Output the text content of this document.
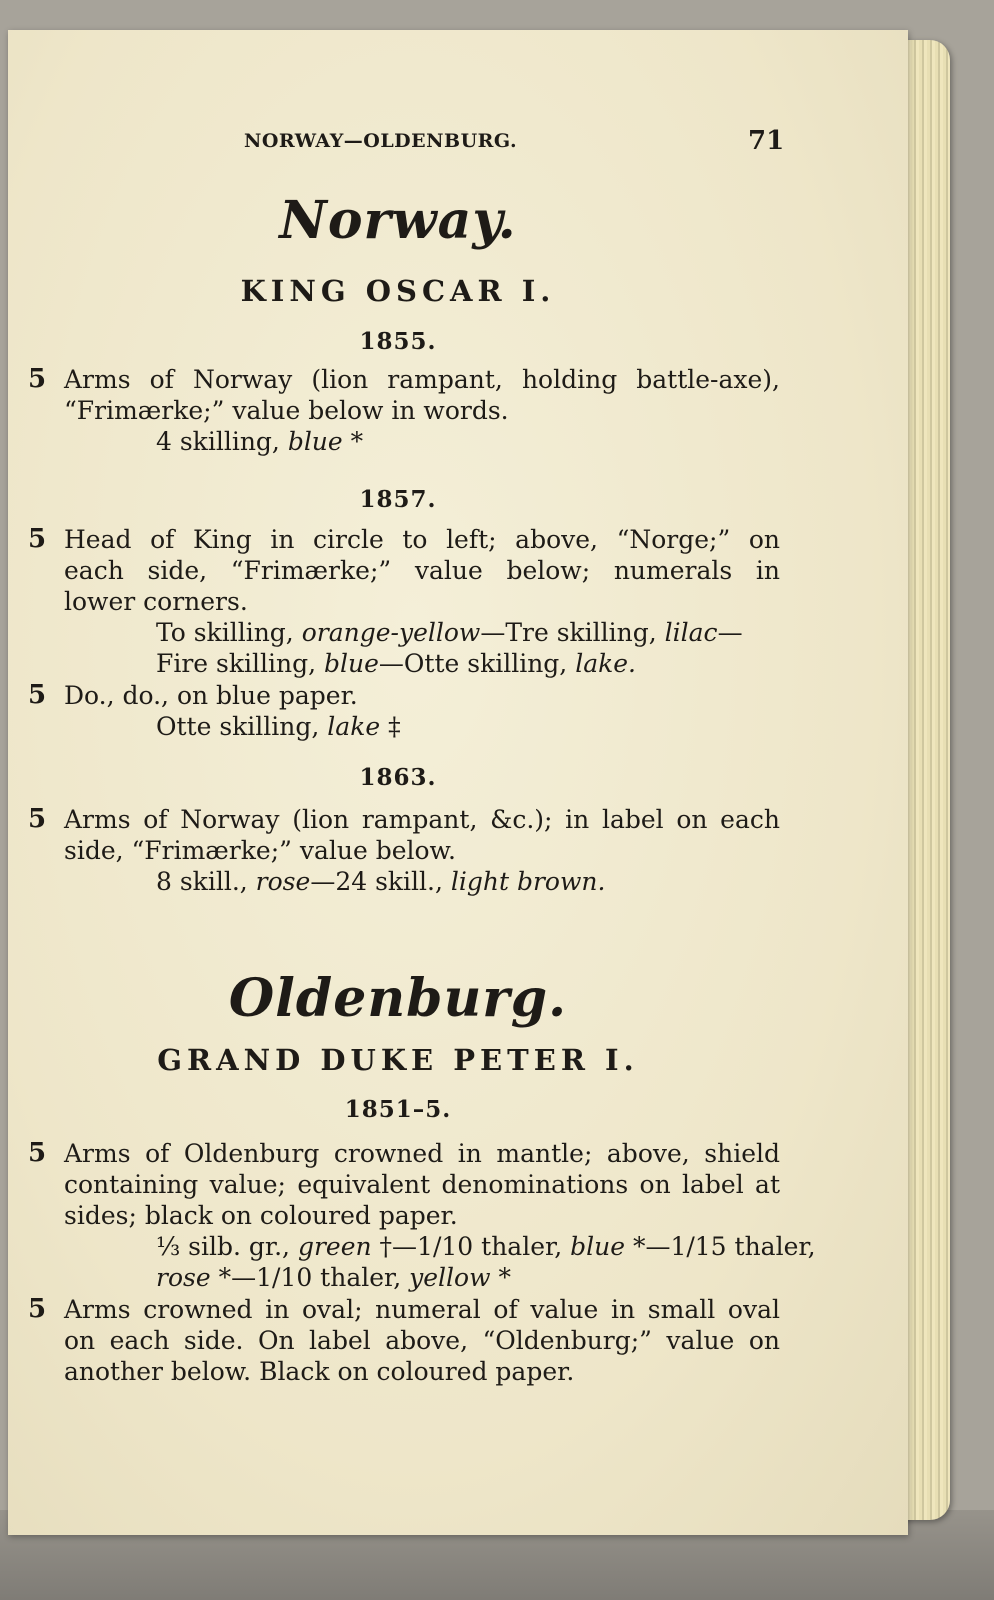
NORWAY—OLDENBURG.	71
Norway.
KING OSCAR I.
1855.
5 Arms of Norway (lion rampant, holding battle-axe),
“Frimærke;” value below in words.
4 skilling, blue *
1857.
5 Head of King in circle to left; above, “Norge;” on
each side, “Frimærke;” value below; numerals in
lower corners.
To skilling, orange-yellow—Tre skilling, lilac—
Fire skilling, blue—Otte skilling, lake.
5 Do., do., on blue paper.
Otte skilling, lake ‡
1863.
5 Arms of Norway (lion rampant, &c.); in label on each
side, “Frimærke;” value below.
8 skill., rose—24 skill., light brown.
Oldenburg.
GRAND DUKE PETER I.
1851–5.
5 Arms of Oldenburg crowned in mantle; above, shield
containing value; equivalent denominations on label at
sides; black on coloured paper.
⅓ silb. gr., green †—1/10 thaler, blue *—1/15 thaler,
rose *—1/10 thaler, yellow *
5 Arms crowned in oval; numeral of value in small oval
on each side. On label above, “Oldenburg;” value on
another below. Black on coloured paper.
